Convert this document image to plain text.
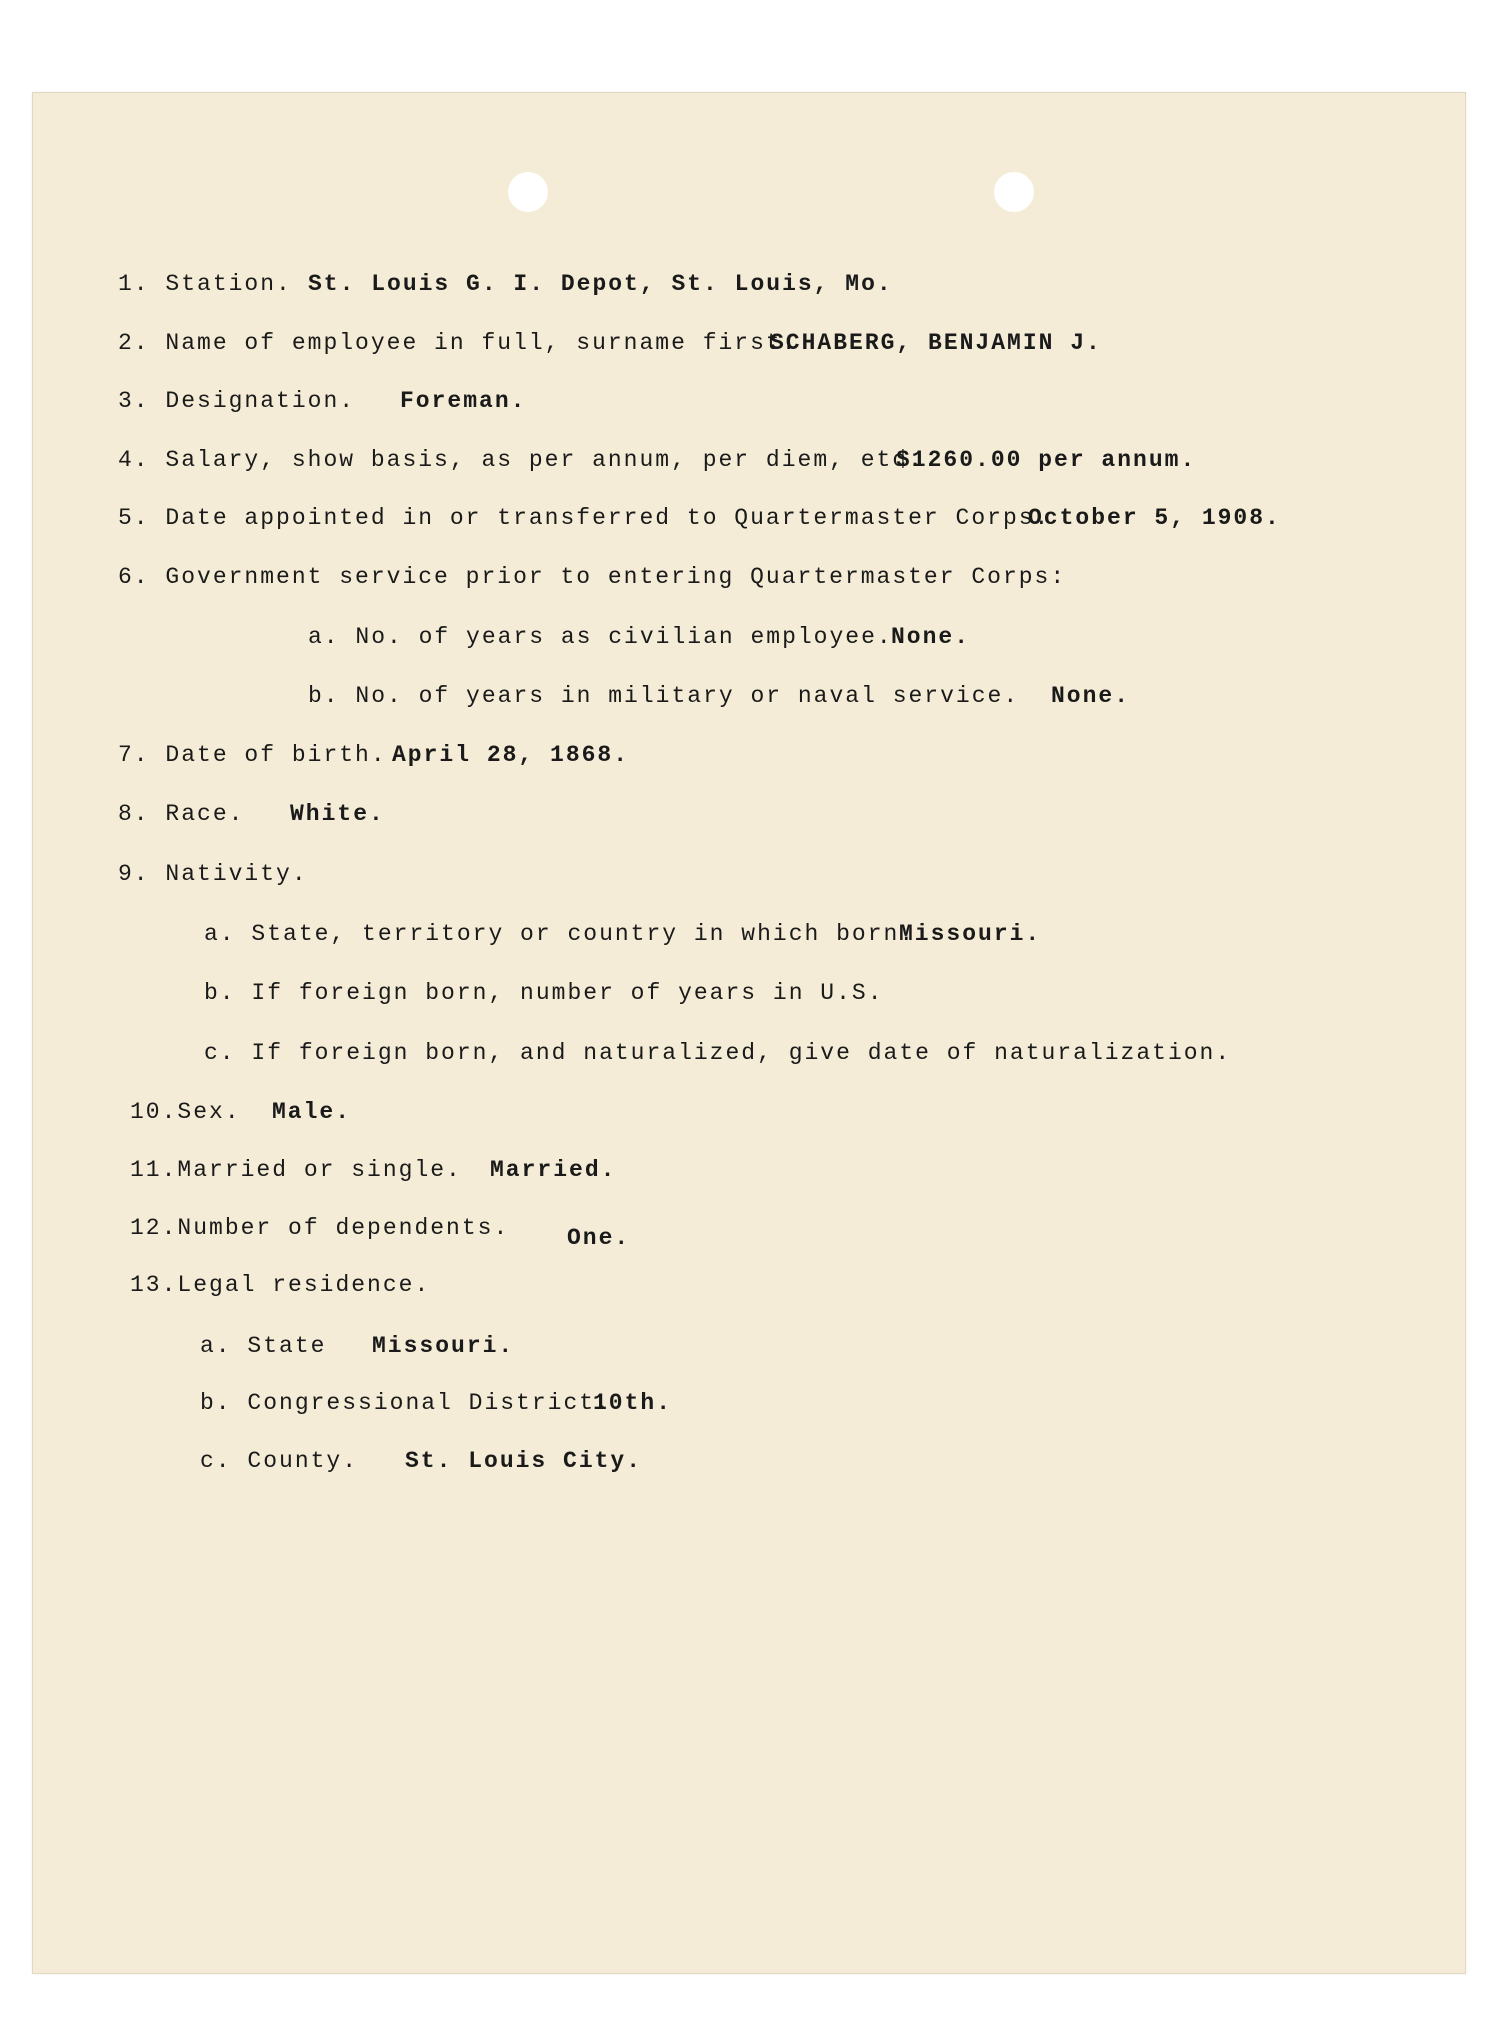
1. Station. St. Louis G. I. Depot, St. Louis, Mo.
2. Name of employee in full, surname first.
SCHABERG, BENJAMIN J.
3. Designation. Foreman.
4. Salary, show basis, as per annum, per diem, etc.
$1260.00 per annum.
5. Date appointed in or transferred to Quartermaster Corps.
October 5, 1908.
6. Government service prior to entering Quartermaster Corps:
a. No. of years as civilian employee.
None.
b. No. of years in military or naval service. None.
7. Date of birth. April 28, 1868.
8. Race. White.
9. Nativity.
a. State, territory or country in which born.
Missouri.
b. If foreign born, number of years in U.S.
c. If foreign born, and naturalized, give date of naturalization.
10.Sex. Male.
11.Married or single. Married.
12.Number of dependents.	One.
13.Legal residence.
a. State Missouri.
b. Congressional District.
10th.
c. County. St. Louis City.
